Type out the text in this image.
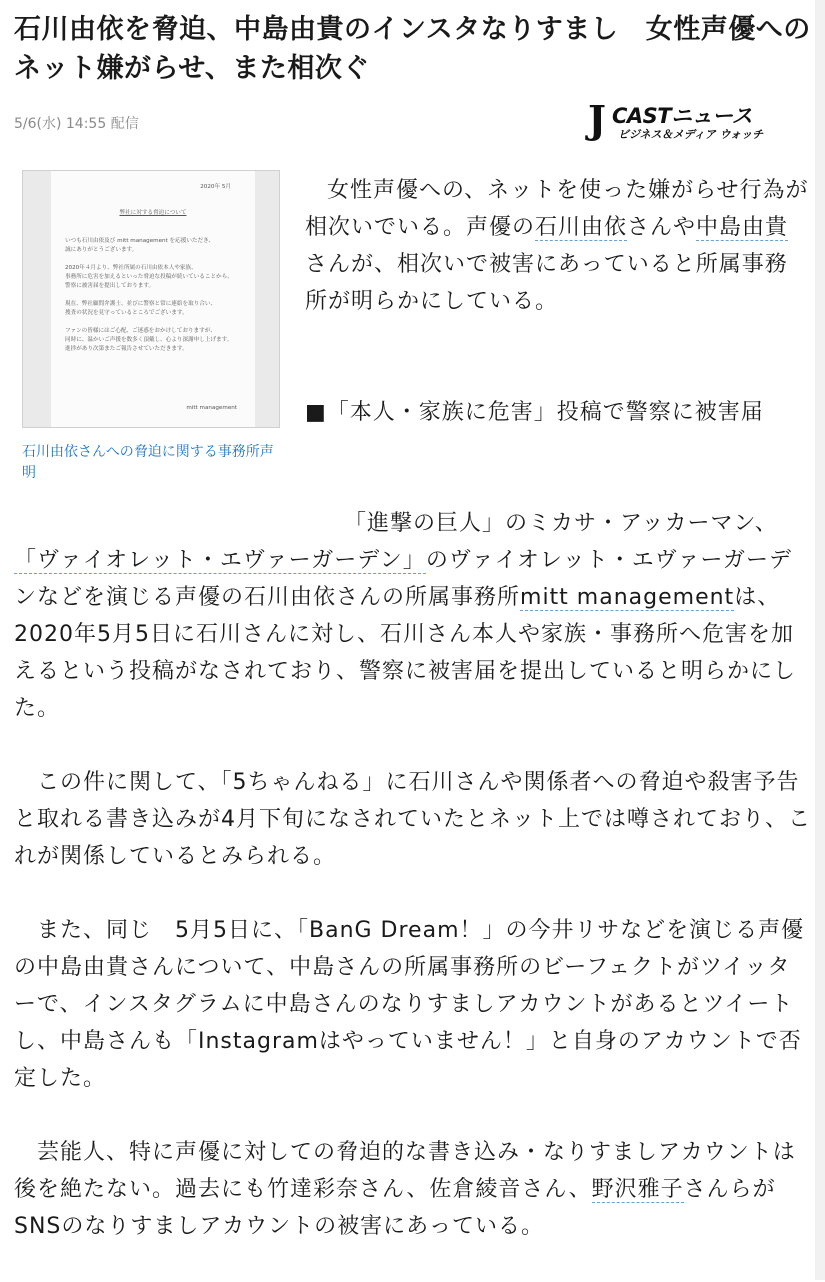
石川由依を脅迫、中島由貴のインスタなりすまし　女性声優へのネット嫌がらせ、また相次ぐ
5/6(水) 14:55 配信	J CASTニュース
ビジネス＆メディア ウォッチ
2020年 5月
弊社に対する脅迫について
いつも石川由依及び mitt management を応援いただき、
誠にありがとうございます。

2020年４月より、弊社所属の石川由依本人や家族、
事務所に危害を加えるといった脅迫な投稿が続いていることから、
警察に被害届を提出しております。

現在、弊社顧問弁護士、並びに警察と常に連絡を取り合い、
捜査の状況を見守っているところでございます。

ファンの皆様にはご心配、ご迷惑をおかけしておりますが、
同時に、温かいご声援を数多く頂戴し、心より深謝申し上げます。
進捗があり次第またご報告させていただきます。
mitt management
石川由依さんへの脅迫に関する事務所声明

女性声優への、ネットを使った嫌がらせ行為が相次いでいる。声優の石川由依さんや中島由貴さんが、相次いで被害にあっていると所属事務所が明らかにしている。

■「本人・家族に危害」投稿で警察に被害届

「進撃の巨人」のミカサ・アッカーマン、「ヴァイオレット・エヴァーガーデン」のヴァイオレット・エヴァーガーデンなどを演じる声優の石川由依さんの所属事務所mitt managementは、2020年5月5日に石川さんに対し、石川さん本人や家族・事務所へ危害を加えるという投稿がなされており、警察に被害届を提出していると明らかにした。

　この件に関して、「5ちゃんねる」に石川さんや関係者への脅迫や殺害予告と取れる書き込みが4月下旬になされていたとネット上では噂されており、これが関係しているとみられる。

　また、同じ　5月5日に、「BanG Dream！」の今井リサなどを演じる声優の中島由貴さんについて、中島さんの所属事務所のビーフェクトがツイッターで、インスタグラムに中島さんのなりすましアカウントがあるとツイートし、中島さんも「Instagramはやっていません！」と自身のアカウントで否定した。

　芸能人、特に声優に対しての脅迫的な書き込み・なりすましアカウントは後を絶たない。過去にも竹達彩奈さん、佐倉綾音さん、野沢雅子さんらがSNSのなりすましアカウントの被害にあっている。
